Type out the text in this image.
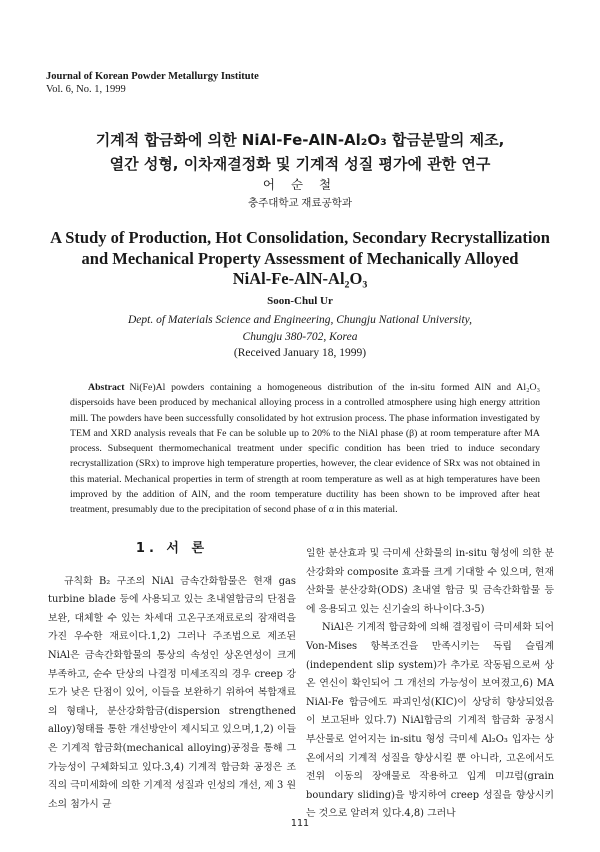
Journal of Korean Powder Metallurgy Institute
Vol. 6, No. 1, 1999
기계적 합금화에 의한 NiAl-Fe-AlN-Al₂O₃ 합금분말의 제조,
열간 성형, 이차재결정화 및 기계적 성질 평가에 관한 연구
어 순 철
충주대학교 재료공학과
A Study of Production, Hot Consolidation, Secondary Recrystallization
and Mechanical Property Assessment of Mechanically Alloyed
NiAl-Fe-AlN-Al₂O₃
Soon-Chul Ur
Dept. of Materials Science and Engineering, Chungju National University,
Chungju 380-702, Korea
(Received January 18, 1999)
Abstract Ni(Fe)Al powders containing a homogeneous distribution of the in-situ formed AlN and Al₂O₃ dispersoids have been produced by mechanical alloying process in a controlled atmosphere using high energy attrition mill. The powders have been successfully consolidated by hot extrusion process. The phase information investigated by TEM and XRD analysis reveals that Fe can be soluble up to 20% to the NiAl phase (β) at room temperature after MA process. Subsequent thermomechanical treatment under specific condition has been tried to induce secondary recrystallization (SRx) to improve high temperature properties, however, the clear evidence of SRx was not obtained in this material. Mechanical properties in term of strength at room temperature as well as at high temperatures have been improved by the addition of AlN, and the room temperature ductility has been shown to be improved after heat treatment, presumably due to the precipitation of second phase of α in this material.
1. 서 론

규칙화 B₂ 구조의 NiAl 금속간화합물은 현재 gas turbine blade 등에 사용되고 있는 초내열합금의 단점을 보완, 대체할 수 있는 차세대 고온구조재료로의 잠재력을 가진 우수한 재료이다.1,2) 그러나 주조법으로 제조된 NiAl은 금속간화합물의 통상의 속성인 상온연성이 크게 부족하고, 순수 단상의 나결정 미세조직의 경우 creep 강도가 낮은 단점이 있어, 이들을 보완하기 위하여 복합재료의 형태나, 분산강화합금(dispersion strengthened alloy)형태를 통한 개선방안이 제시되고 있으며,1,2) 이들은 기계적 합금화(mechanical alloying)공정을 통해 그 가능성이 구체화되고 있다.3,4) 기계적 합금화 공정은 조직의 극미세화에 의한 기계적 성질과 인성의 개선, 제 3 원소의 첨가시 균

일한 분산효과 및 극미세 산화물의 in-situ 형성에 의한 분산강화와 composite 효과를 크게 기대할 수 있으며, 현재 산화물 분산강화(ODS) 초내열 합금 및 금속간화합물 등에 응용되고 있는 신기술의 하나이다.3-5)

NiAl은 기계적 합금화에 의해 결정립이 극미세화 되어 Von-Mises 항복조건을 만족시키는 독립 슬립계(independent slip system)가 추가로 작동됨으로써 상온 연신이 확인되어 그 개선의 가능성이 보여졌고,6) MA NiAl-Fe 합금에도 파괴인성(KIC)이 상당히 향상되었음이 보고된바 있다.7) NiAl합금의 기계적 합금화 공정시 부산물로 얻어지는 in-situ 형성 극미세 Al₂O₃ 입자는 상온에서의 기계적 성질을 향상시킬 뿐 아니라, 고온에서도 전위 이동의 장애물로 작용하고 입계 미끄럼(grain boundary sliding)을 방지하여 creep 성질을 향상시키는 것으로 알려져 있다.4,8) 그러나

111
